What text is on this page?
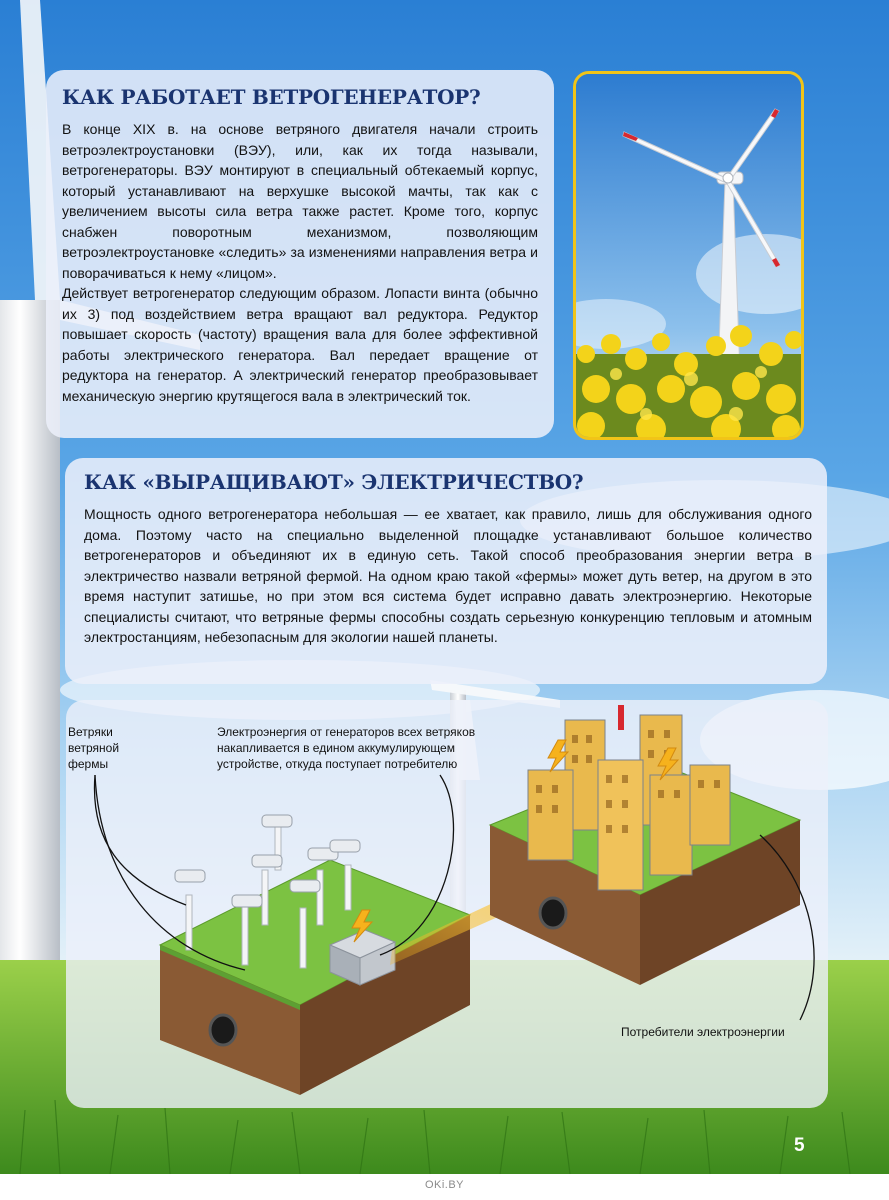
КАК РАБОТАЕТ ВЕТРОГЕНЕРАТОР?

В конце XIX в. на основе ветряного двигателя начали строить ветроэлектроустановки (ВЭУ), или, как их тогда называли, ветрогенераторы. ВЭУ монтируют в специальный обтекаемый корпус, который устанавливают на верхушке высокой мачты, так как с увеличением высоты сила ветра также растет. Кроме того, корпус снабжен поворотным механизмом, позволяющим ветроэлектроустановке «следить» за изменениями направления ветра и поворачиваться к нему «лицом».

Действует ветрогенератор следующим образом. Лопасти винта (обычно их 3) под воздействием ветра вращают вал редуктора. Редуктор повышает скорость (частоту) вращения вала для более эффективной работы электрического генератора. Вал передает вращение от редуктора на генератор. А электрический генератор преобразовывает механическую энергию крутящегося вала в электрический ток.

КАК «ВЫРАЩИВАЮТ» ЭЛЕКТРИЧЕСТВО?

Мощность одного ветрогенератора небольшая — ее хватает, как правило, лишь для обслуживания одного дома. Поэтому часто на специально выделенной площадке устанавливают большое количество ветрогенераторов и объединяют их в единую сеть. Такой способ преобразования энергии ветра в электричество назвали ветряной фермой. На одном краю такой «фермы» может дуть ветер, на другом в это время наступит затишье, но при этом вся система будет исправно давать электроэнергию. Некоторые специалисты считают, что ветряные фермы способны создать серьезную конкуренцию тепловым и атомным электростанциям, небезопасным для экологии нашей планеты.

Ветряки ветряной фермы

Электроэнергия от генераторов всех ветряков накапливается в едином аккумулирующем устройстве, откуда поступает потребителю

Потребители электроэнергии

5
OKi.BY
